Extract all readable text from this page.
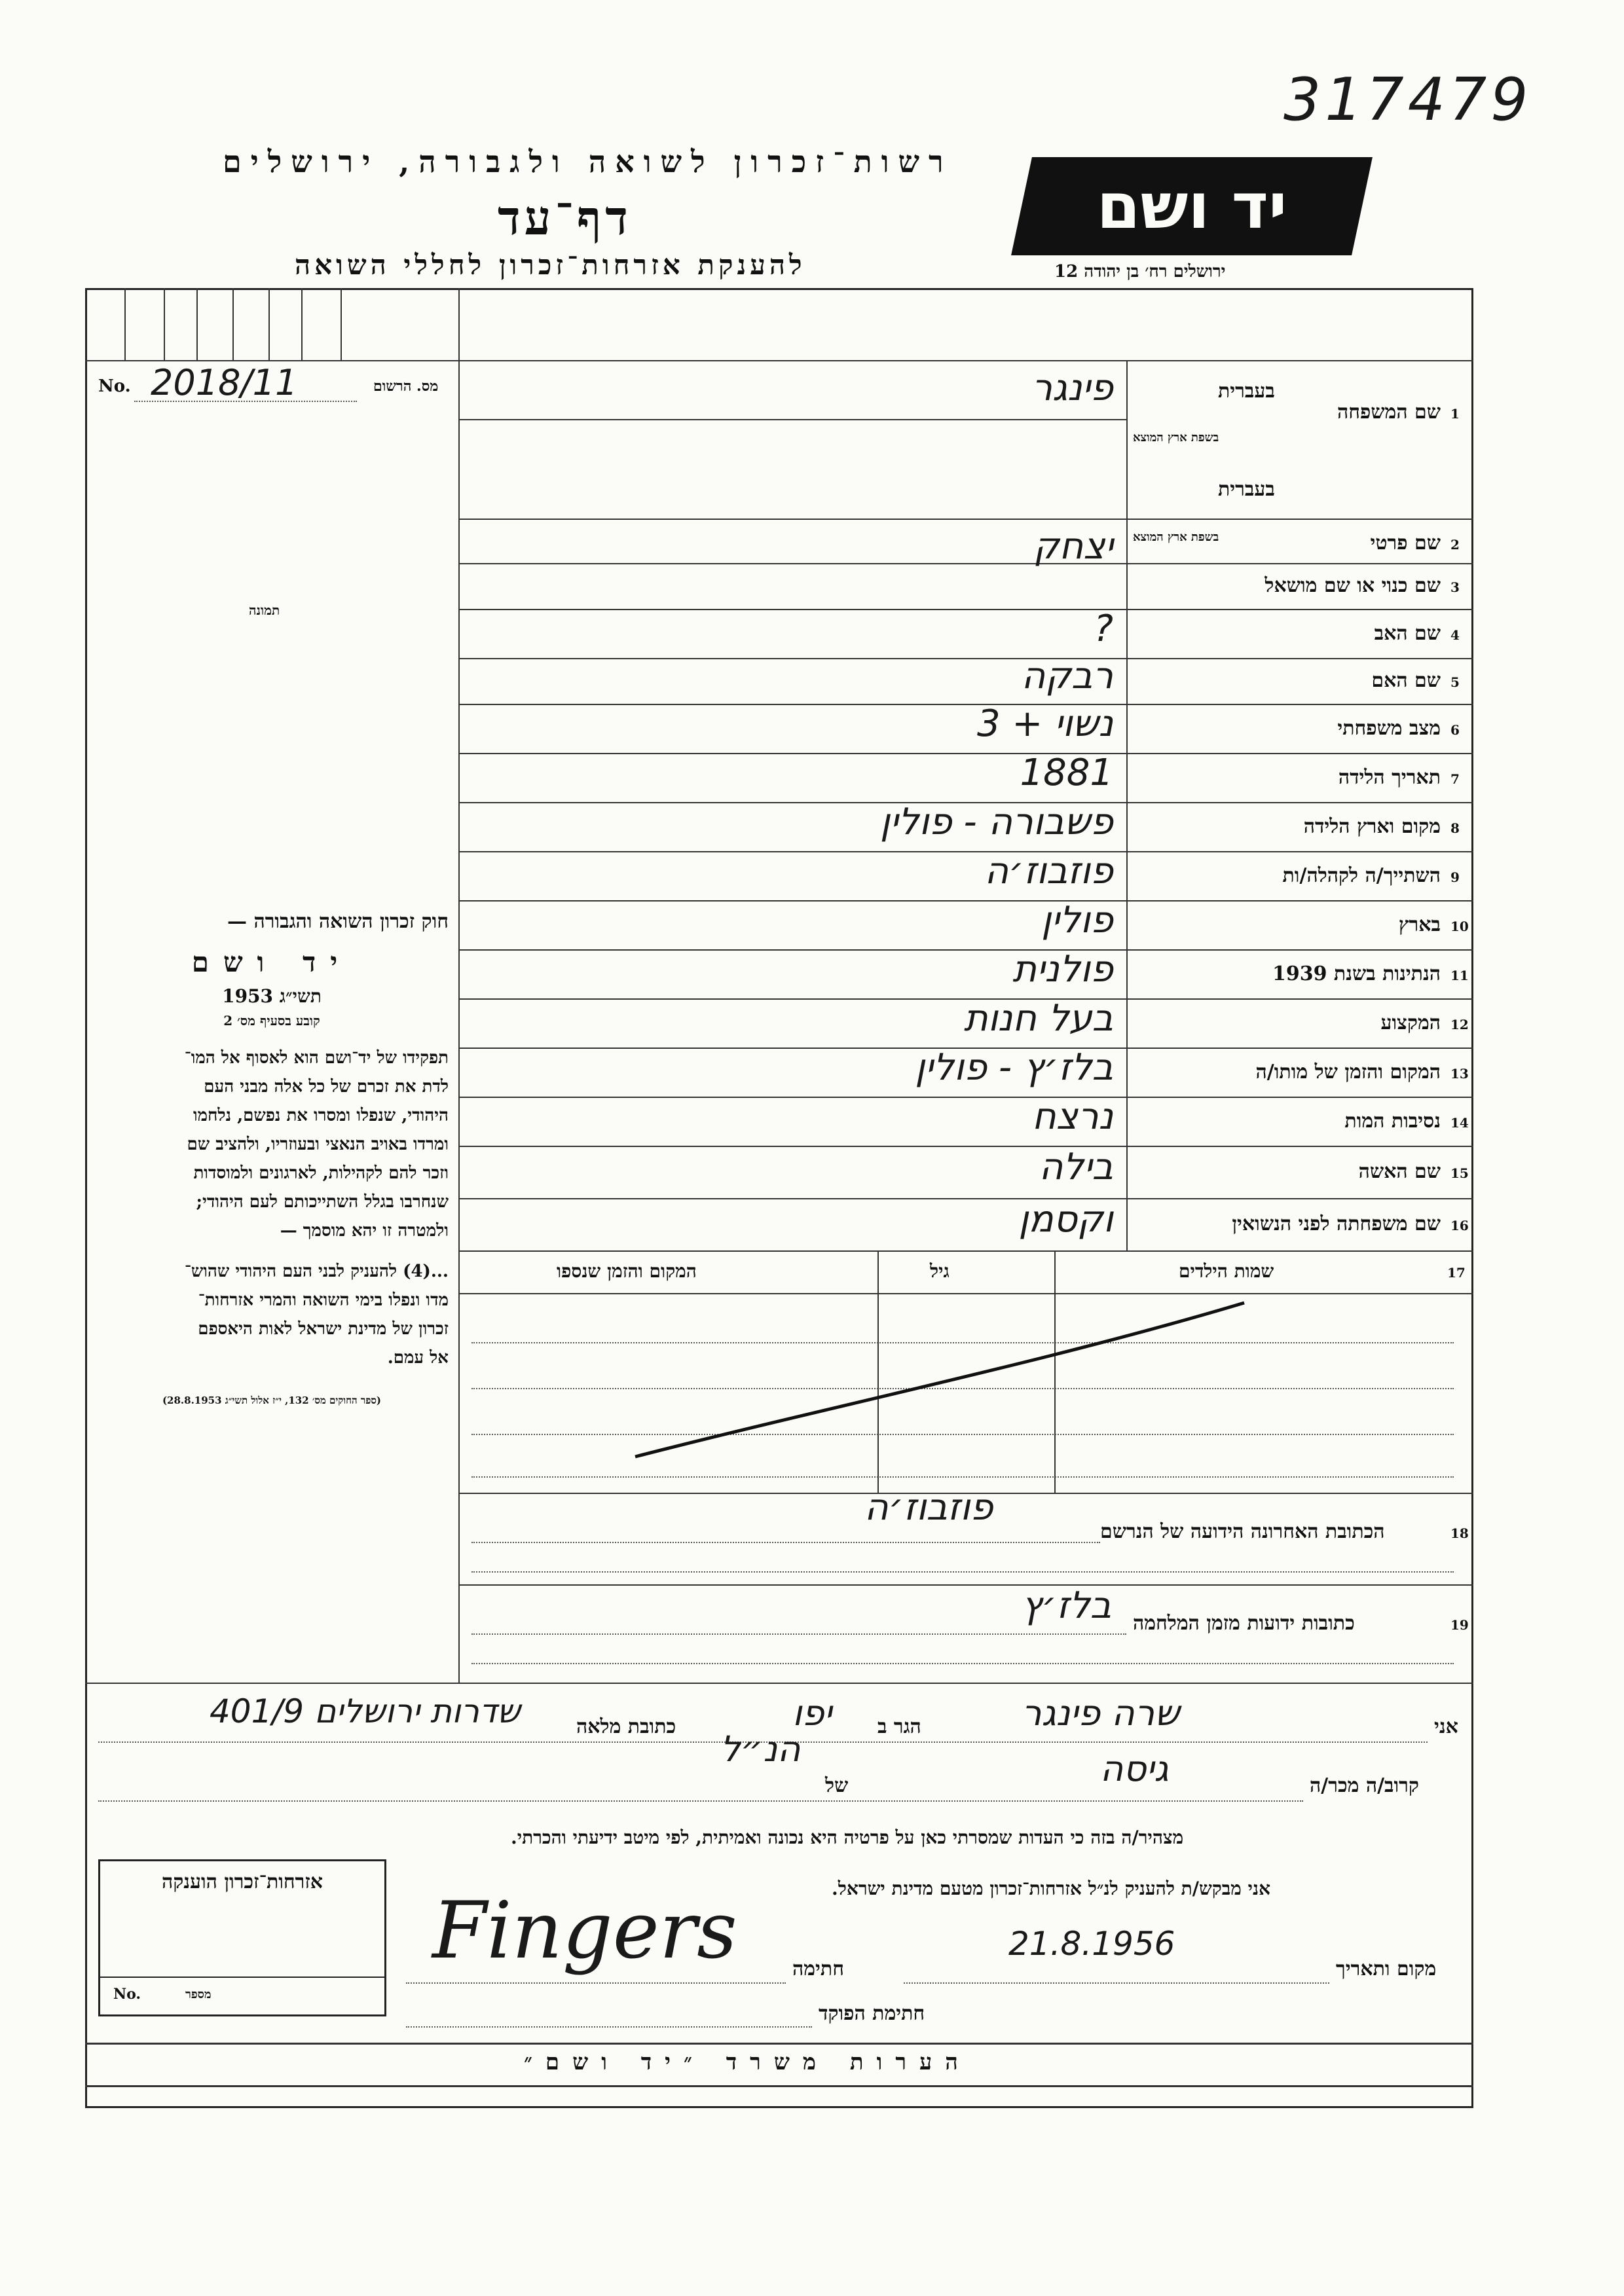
317479
רשות־זכרון לשואה ולגבורה, ירושלים
דף־עד
להענקת אזרחות־זכרון לחללי השואה
יד ושם
ירושלים רח׳ בן יהודה 12
No. 2018/11	מס. הרשום
תמונה
1
שם המשפחה
פינגר
2
שם פרטי
יצחק
3
שם כנוי או שם מושאל
4
שם האב
?
5
שם האם
רבקה
6
מצב משפחתי
נשוי + 3
7
תאריך הלידה
1881
8
מקום וארץ הלידה
פשבורה - פולין
9
השתייך/ה לקהלה/ות
פוזבוז׳ה
10
בארץ
פולין
11
הנתינות בשנת 1939
פולנית
12
המקצוע
בעל חנות
13
המקום והזמן של מותו/ה
בלז׳ץ - פולין
14
נסיבות המות
נרצח
15
שם האשה
בילה
16
שם משפחתה לפני הנשואין
וקסמן
בעברית
בשפת ארץ המוצא
בעברית
בשפת ארץ המוצא
17
שמות הילדים
גיל
המקום והזמן שנספו
חוק זכרון השואה והגבורה —
יד ושם
תשי״ג 1953
קובע בסעיף מס׳ 2
תפקידו של יד־ושם הוא לאסוף אל המו־
לדת את זכרם של כל אלה מבני העם
היהודי, שנפלו ומסרו את נפשם, נלחמו
ומרדו באויב הנאצי ובעוזריו, ולהציב שם
וזכר להם לקהילות, לארגונים ולמוסדות
שנחרבו בגלל השתייכותם לעם היהודי;
ולמטרה זו יהא מוסמך —
...(4) להעניק לבני העם היהודי שהוש־
מדו ונפלו בימי השואה והמרי אזרחות־
זכרון של מדינת ישראל לאות היאספם
אל עמם.
(ספר החוקים מס׳ 132, י״ז אלול תשי״ג 28.8.1953)
18
הכתובת האחרונה הידועה של הנרשם
פוזבוז׳ה
19
כתובות ידועות מזמן המלחמה
בלז׳ץ
אני
שרה פינגר
הגר ב
יפו
כתובת מלאה
שדרות ירושלים 401/9
קרוב/ה מכר/ה
גיסה
של
הנ״ל
מצהיר/ה בזה כי העדות שמסרתי כאן על פרטיה היא נכונה ואמיתית, לפי מיטב ידיעתי והכרתי.
אני מבקש/ת להעניק לנ״ל אזרחות־זכרון מטעם מדינת ישראל.
מקום ותאריך
21.8.1956
חתימה
Fingers
חתימת הפוקד
אזרחות־זכרון הוענקה
No.	מספר
הערות משרד ״יד ושם״
